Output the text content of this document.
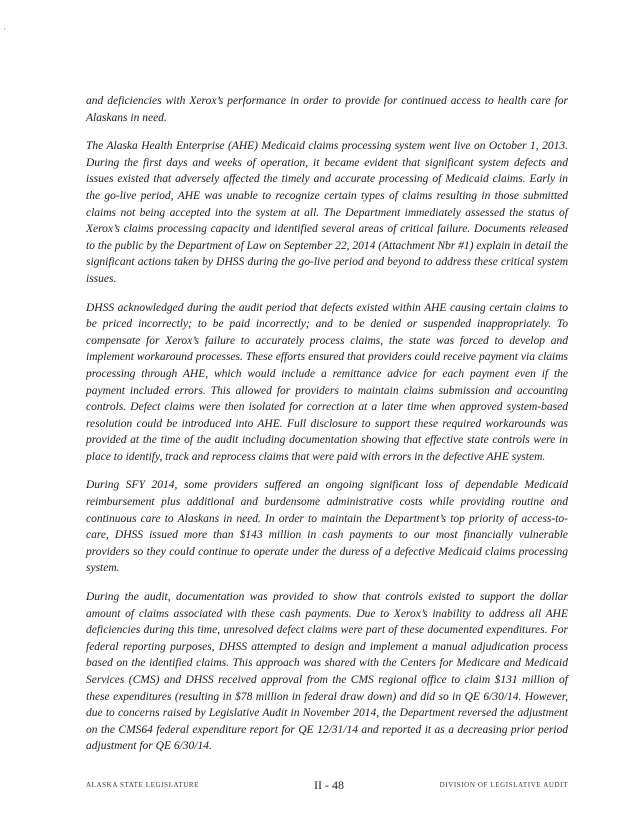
and deficiencies with Xerox’s performance in order to provide for continued access to health care for Alaskans in need.

The Alaska Health Enterprise (AHE) Medicaid claims processing system went live on October 1, 2013. During the first days and weeks of operation, it became evident that significant system defects and issues existed that adversely affected the timely and accurate processing of Medicaid claims. Early in the go-live period, AHE was unable to recognize certain types of claims resulting in those submitted claims not being accepted into the system at all. The Department immediately assessed the status of Xerox’s claims processing capacity and identified several areas of critical failure. Documents released to the public by the Department of Law on September 22, 2014 (Attachment Nbr #1) explain in detail the significant actions taken by DHSS during the go-live period and beyond to address these critical system issues.

DHSS acknowledged during the audit period that defects existed within AHE causing certain claims to be priced incorrectly; to be paid incorrectly; and to be denied or suspended inappropriately. To compensate for Xerox’s failure to accurately process claims, the state was forced to develop and implement workaround processes. These efforts ensured that providers could receive payment via claims processing through AHE, which would include a remittance advice for each payment even if the payment included errors. This allowed for providers to maintain claims submission and accounting controls. Defect claims were then isolated for correction at a later time when approved system-based resolution could be introduced into AHE. Full disclosure to support these required workarounds was provided at the time of the audit including documentation showing that effective state controls were in place to identify, track and reprocess claims that were paid with errors in the defective AHE system.

During SFY 2014, some providers suffered an ongoing significant loss of dependable Medicaid reimbursement plus additional and burdensome administrative costs while providing routine and continuous care to Alaskans in need. In order to maintain the Department’s top priority of access-to-care, DHSS issued more than $143 million in cash payments to our most financially vulnerable providers so they could continue to operate under the duress of a defective Medicaid claims processing system.

During the audit, documentation was provided to show that controls existed to support the dollar amount of claims associated with these cash payments. Due to Xerox’s inability to address all AHE deficiencies during this time, unresolved defect claims were part of these documented expenditures. For federal reporting purposes, DHSS attempted to design and implement a manual adjudication process based on the identified claims. This approach was shared with the Centers for Medicare and Medicaid Services (CMS) and DHSS received approval from the CMS regional office to claim $131 million of these expenditures (resulting in $78 million in federal draw down) and did so in QE 6/30/14. However, due to concerns raised by Legislative Audit in November 2014, the Department reversed the adjustment on the CMS64 federal expenditure report for QE 12/31/14 and reported it as a decreasing prior period adjustment for QE 6/30/14.

ALASKA STATE LEGISLATURE	II - 48	DIVISION OF LEGISLATIVE AUDIT
